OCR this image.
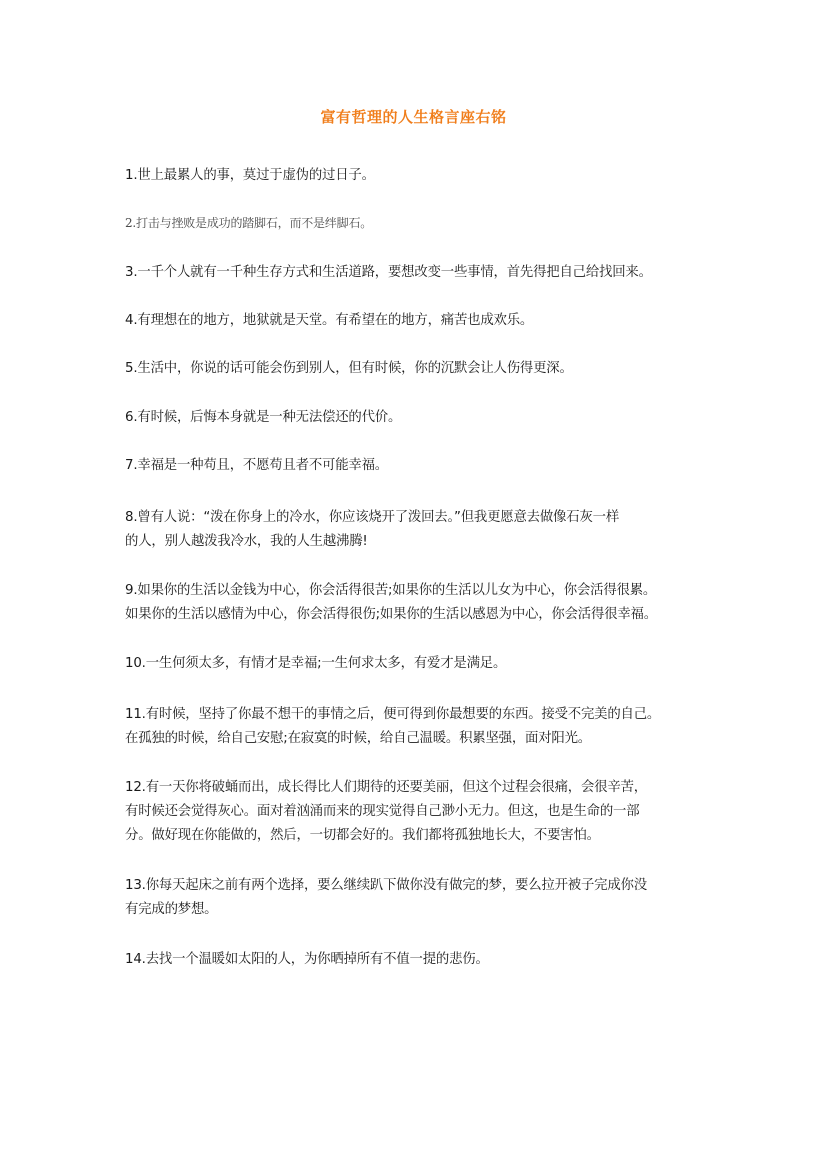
富有哲理的人生格言座右铭
1.世上最累人的事，莫过于虚伪的过日子。
2.打击与挫败是成功的踏脚石，而不是绊脚石。
3.一千个人就有一千种生存方式和生活道路，要想改变一些事情，首先得把自己给找回来。
4.有理想在的地方，地狱就是天堂。有希望在的地方，痛苦也成欢乐。
5.生活中，你说的话可能会伤到别人，但有时候，你的沉默会让人伤得更深。
6.有时候，后悔本身就是一种无法偿还的代价。
7.幸福是一种苟且，不愿苟且者不可能幸福。
8.曾有人说：“泼在你身上的冷水，你应该烧开了泼回去。”但我更愿意去做像石灰一样
的人，别人越泼我冷水，我的人生越沸腾!
9.如果你的生活以金钱为中心，你会活得很苦;如果你的生活以儿女为中心，你会活得很累。
如果你的生活以感情为中心，你会活得很伤;如果你的生活以感恩为中心，你会活得很幸福。
10.一生何须太多，有情才是幸福;一生何求太多，有爱才是满足。
11.有时候，坚持了你最不想干的事情之后，便可得到你最想要的东西。接受不完美的自己。
在孤独的时候，给自己安慰;在寂寞的时候，给自己温暖。积累坚强，面对阳光。
12.有一天你将破蛹而出，成长得比人们期待的还要美丽，但这个过程会很痛，会很辛苦，
有时候还会觉得灰心。面对着汹涌而来的现实觉得自己渺小无力。但这，也是生命的一部
分。做好现在你能做的，然后，一切都会好的。我们都将孤独地长大，不要害怕。
13.你每天起床之前有两个选择，要么继续趴下做你没有做完的梦，要么拉开被子完成你没
有完成的梦想。
14.去找一个温暖如太阳的人，为你晒掉所有不值一提的悲伤。
